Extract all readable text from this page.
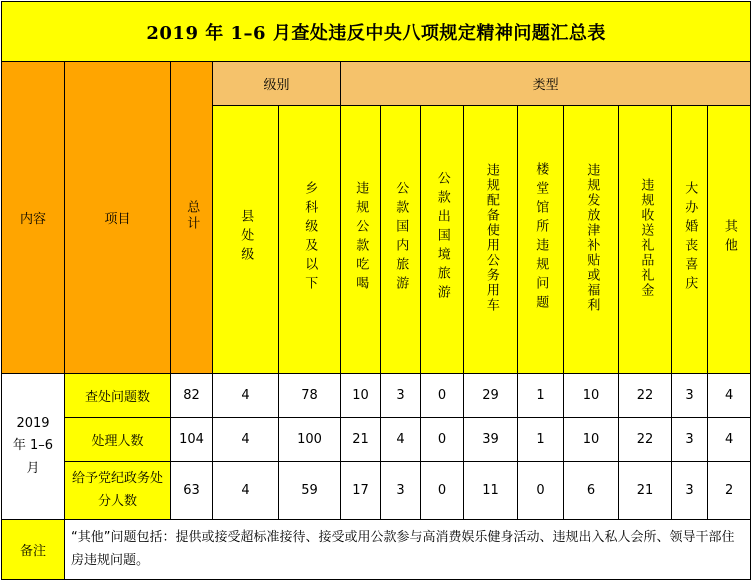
2019 年 1–6 月查处违反中央八项规定精神问题汇总表													
内容	项目	总计	级别		类型								
			县处级	乡科级及以下	违规公款吃喝	公款国内旅游	公款出国境旅游	违规配备使用公务用车	楼堂馆所违规问题	违规发放津补贴或福利	违规收送礼品礼金	大办婚丧喜庆	其他
2019 年 1–6 月	查处问题数	82	4	78	10	3	0	29	1	10	22	3	4
	处理人数	104	4	100	21	4	0	39	1	10	22	3	4
	给予党纪政务处分人数	63	4	59	17	3	0	11	0	6	21	3	2
备注	“其他”问题包括：提供或接受超标准接待、接受或用公款参与高消费娱乐健身活动、违规出入私人会所、领导干部住房违规问题。												
